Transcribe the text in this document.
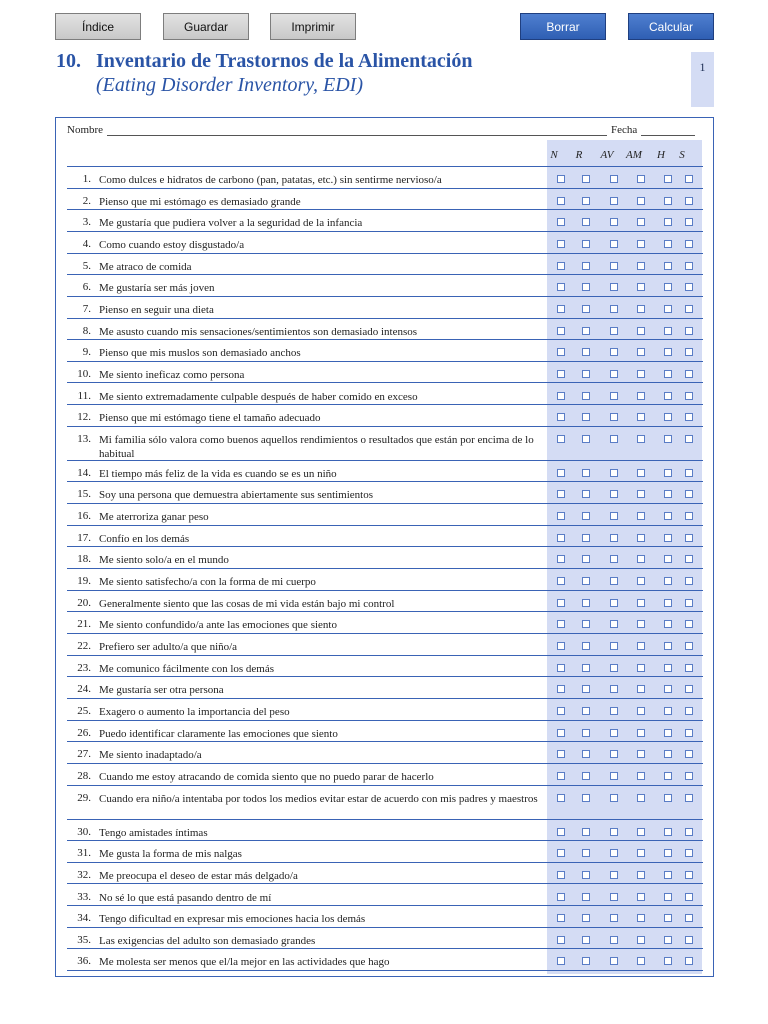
Índice	Guardar	Imprimir	Borrar	Calcular
10. Inventario de Trastornos de la Alimentación
(Eating Disorder Inventory, EDI)
1
Nombre	Fecha
N	R	AV	AM	H	S
1. Como dulces e hidratos de carbono (pan, patatas, etc.) sin sentirme nervioso/a
2. Pienso que mi estómago es demasiado grande
3. Me gustaría que pudiera volver a la seguridad de la infancia
4. Como cuando estoy disgustado/a
5. Me atraco de comida
6. Me gustaría ser más joven
7. Pienso en seguir una dieta
8. Me asusto cuando mis sensaciones/sentimientos son demasiado intensos
9. Pienso que mis muslos son demasiado anchos
10. Me siento ineficaz como persona
11. Me siento extremadamente culpable después de haber comido en exceso
12. Pienso que mi estómago tiene el tamaño adecuado
13. Mi familia sólo valora como buenos aquellos rendimientos o resultados que están por encima de lo habitual
14. El tiempo más feliz de la vida es cuando se es un niño
15. Soy una persona que demuestra abiertamente sus sentimientos
16. Me aterroriza ganar peso
17. Confío en los demás
18. Me siento solo/a en el mundo
19. Me siento satisfecho/a con la forma de mi cuerpo
20. Generalmente siento que las cosas de mi vida están bajo mi control
21. Me siento confundido/a ante las emociones que siento
22. Prefiero ser adulto/a que niño/a
23. Me comunico fácilmente con los demás
24. Me gustaría ser otra persona
25. Exagero o aumento la importancia del peso
26. Puedo identificar claramente las emociones que siento
27. Me siento inadaptado/a
28. Cuando me estoy atracando de comida siento que no puedo parar de hacerlo
29. Cuando era niño/a intentaba por todos los medios evitar estar de acuerdo con mis padres y maestros
30. Tengo amistades íntimas
31. Me gusta la forma de mis nalgas
32. Me preocupa el deseo de estar más delgado/a
33. No sé lo que está pasando dentro de mí
34. Tengo dificultad en expresar mis emociones hacia los demás
35. Las exigencias del adulto son demasiado grandes
36. Me molesta ser menos que el/la mejor en las actividades que hago
